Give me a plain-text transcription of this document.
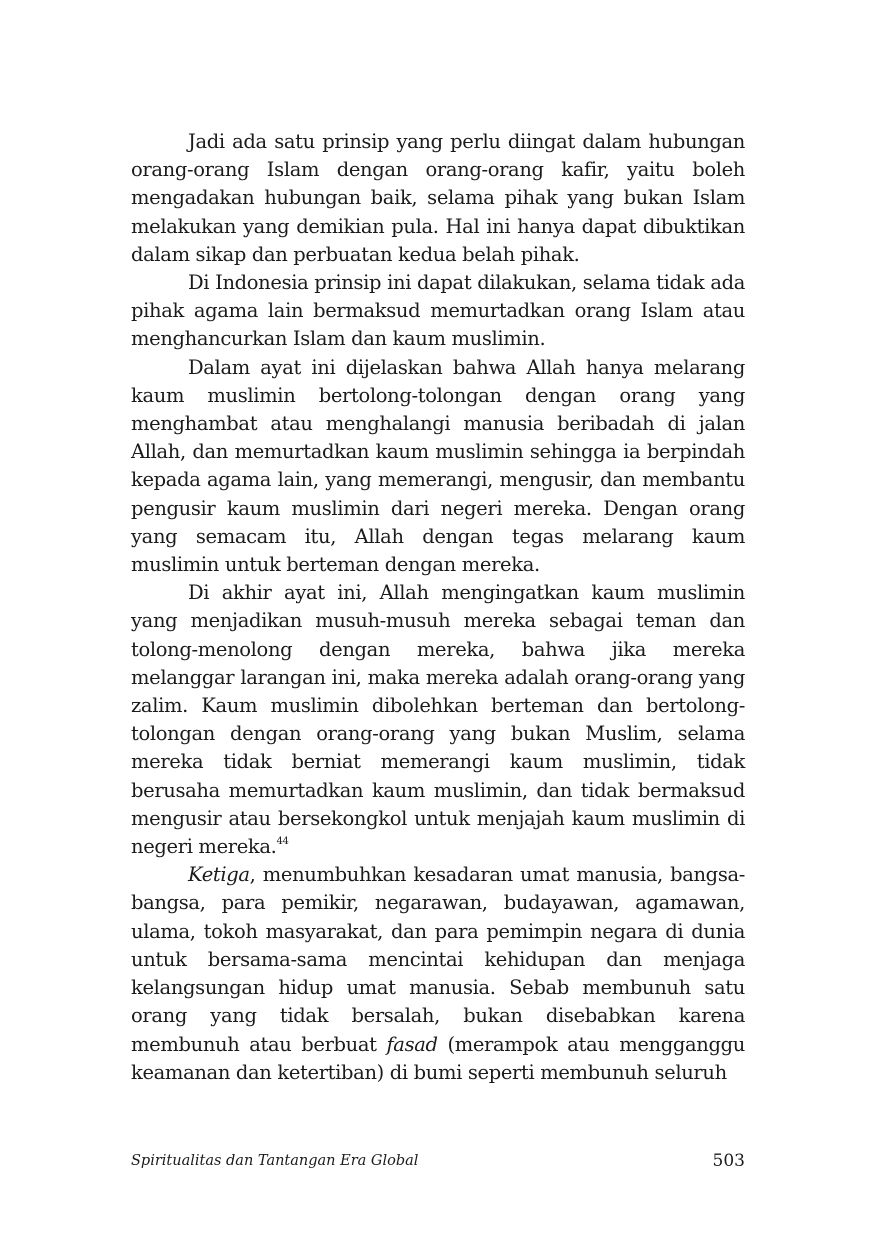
Jadi ada satu prinsip yang perlu diingat dalam hubungan orang-orang Islam dengan orang-orang kafir, yaitu boleh mengadakan hubungan baik, selama pihak yang bukan Islam melakukan yang demikian pula. Hal ini hanya dapat dibuktikan dalam sikap dan perbuatan kedua belah pihak.

Di Indonesia prinsip ini dapat dilakukan, selama tidak ada pihak agama lain bermaksud memurtadkan orang Islam atau menghancurkan Islam dan kaum muslimin.

Dalam ayat ini dijelaskan bahwa Allah hanya melarang kaum muslimin bertolong-tolongan dengan orang yang menghambat atau menghalangi manusia beribadah di jalan Allah, dan memurtadkan kaum muslimin sehingga ia berpindah kepada agama lain, yang memerangi, mengusir, dan membantu pengusir kaum muslimin dari negeri mereka. Dengan orang yang semacam itu, Allah dengan tegas melarang kaum muslimin untuk berteman dengan mereka.

Di akhir ayat ini, Allah mengingatkan kaum muslimin yang menjadikan musuh-musuh mereka sebagai teman dan tolong-menolong dengan mereka, bahwa jika mereka melanggar larangan ini, maka mereka adalah orang-orang yang zalim. Kaum muslimin dibolehkan berteman dan bertolong-tolongan dengan orang-orang yang bukan Muslim, selama mereka tidak berniat memerangi kaum muslimin, tidak berusaha memurtadkan kaum muslimin, dan tidak bermaksud mengusir atau bersekongkol untuk menjajah kaum muslimin di negeri mereka.$^{44}$

Ketiga, menumbuhkan kesadaran umat manusia, bangsa-bangsa, para pemikir, negarawan, budayawan, agamawan, ulama, tokoh masyarakat, dan para pemimpin negara di dunia untuk bersama-sama mencintai kehidupan dan menjaga kelangsungan hidup umat manusia. Sebab membunuh satu orang yang tidak bersalah, bukan disebabkan karena membunuh atau berbuat fasad (merampok atau mengganggu keamanan dan ketertiban) di bumi seperti membunuh seluruh

Spiritualitas dan Tantangan Era Global	503
